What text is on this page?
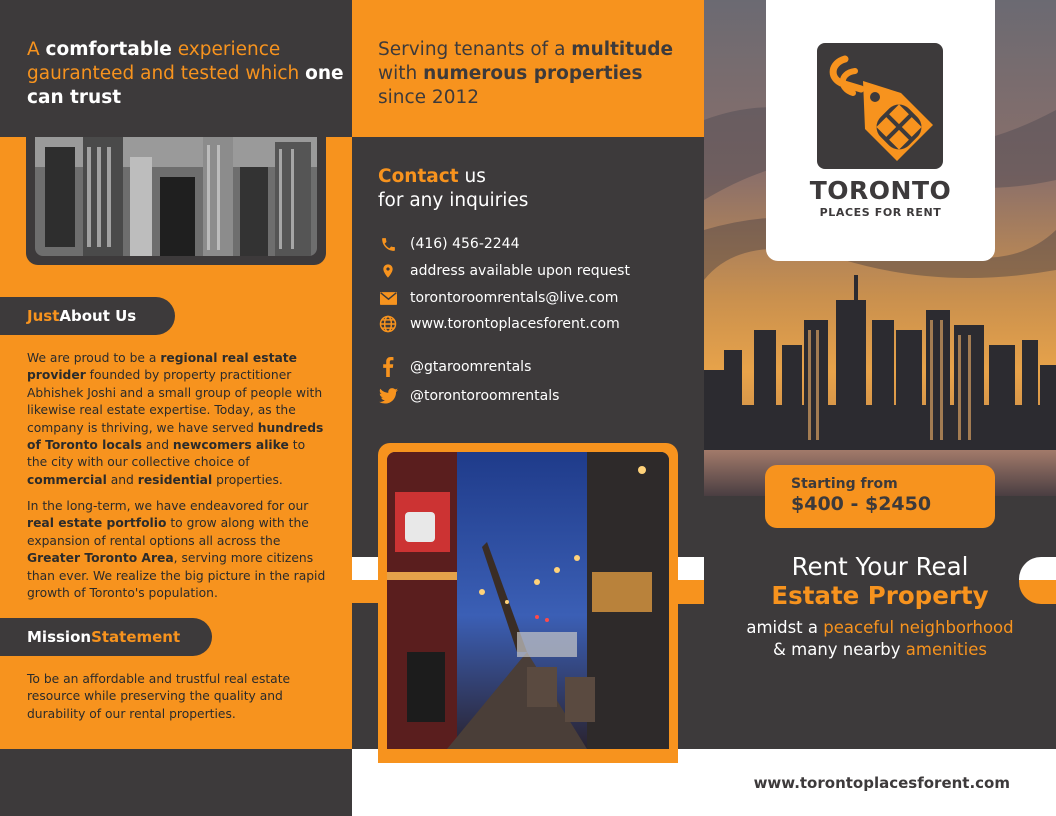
A comfortable experience gauranteed and tested which one can trust
Just About Us
We are proud to be a regional real estate provider founded by property practitioner Abhishek Joshi and a small group of people with likewise real estate expertise. Today, as the company is thriving, we have served hundreds of Toronto locals and newcomers alike to the city with our collective choice of commercial and residential properties.
In the long-term, we have endeavored for our real estate portfolio to grow along with the expansion of rental options all across the Greater Toronto Area, serving more citizens than ever. We realize the big picture in the rapid growth of Toronto's population.
Mission Statement
To be an affordable and trustful real estate resource while preserving the quality and durability of our rental properties.
Serving tenants of a multitude with numerous properties since 2012
Contact us
for any inquiries
(416) 456-2244
address available upon request
torontoroomrentals@live.com
www.torontoplacesforent.com
@gtaroomrentals
@torontoroomrentals
TORONTO
PLACES FOR RENT
Starting from
$400 - $2450
Rent Your Real
Estate Property
amidst a peaceful neighborhood & many nearby amenities
www.torontoplacesforent.com
